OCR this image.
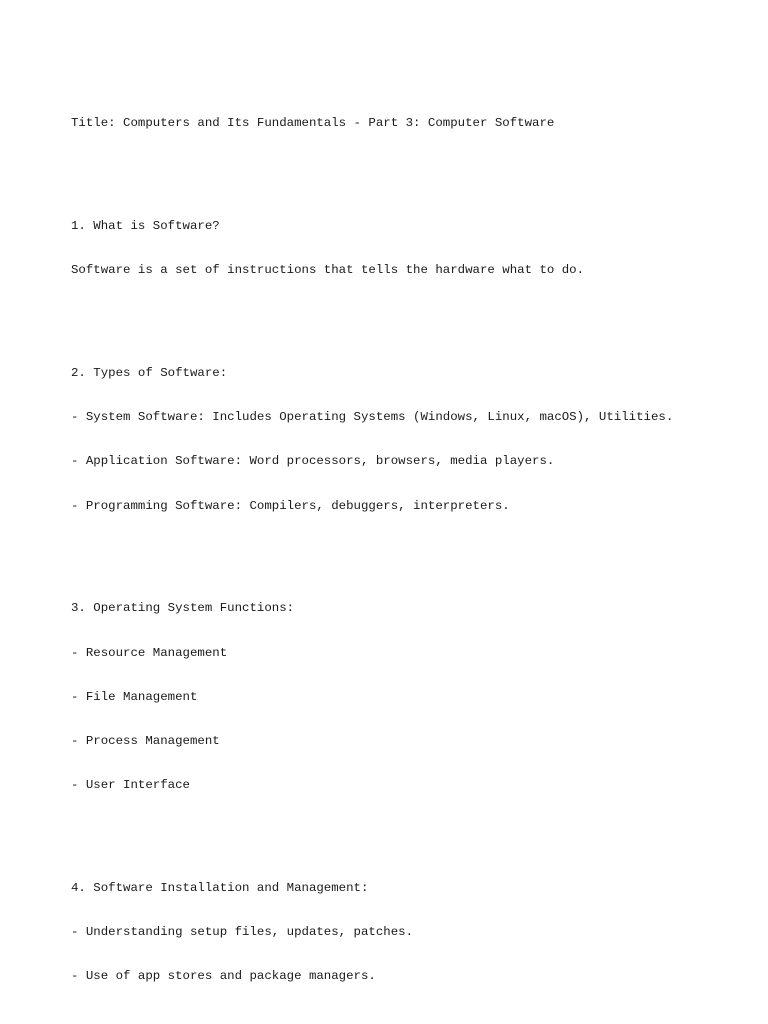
Title: Computers and Its Fundamentals - Part 3: Computer Software

1. What is Software?

Software is a set of instructions that tells the hardware what to do.

2. Types of Software:

- System Software: Includes Operating Systems (Windows, Linux, macOS), Utilities.

- Application Software: Word processors, browsers, media players.

- Programming Software: Compilers, debuggers, interpreters.

3. Operating System Functions:

- Resource Management

- File Management

- Process Management

- User Interface

4. Software Installation and Management:

- Understanding setup files, updates, patches.

- Use of app stores and package managers.
